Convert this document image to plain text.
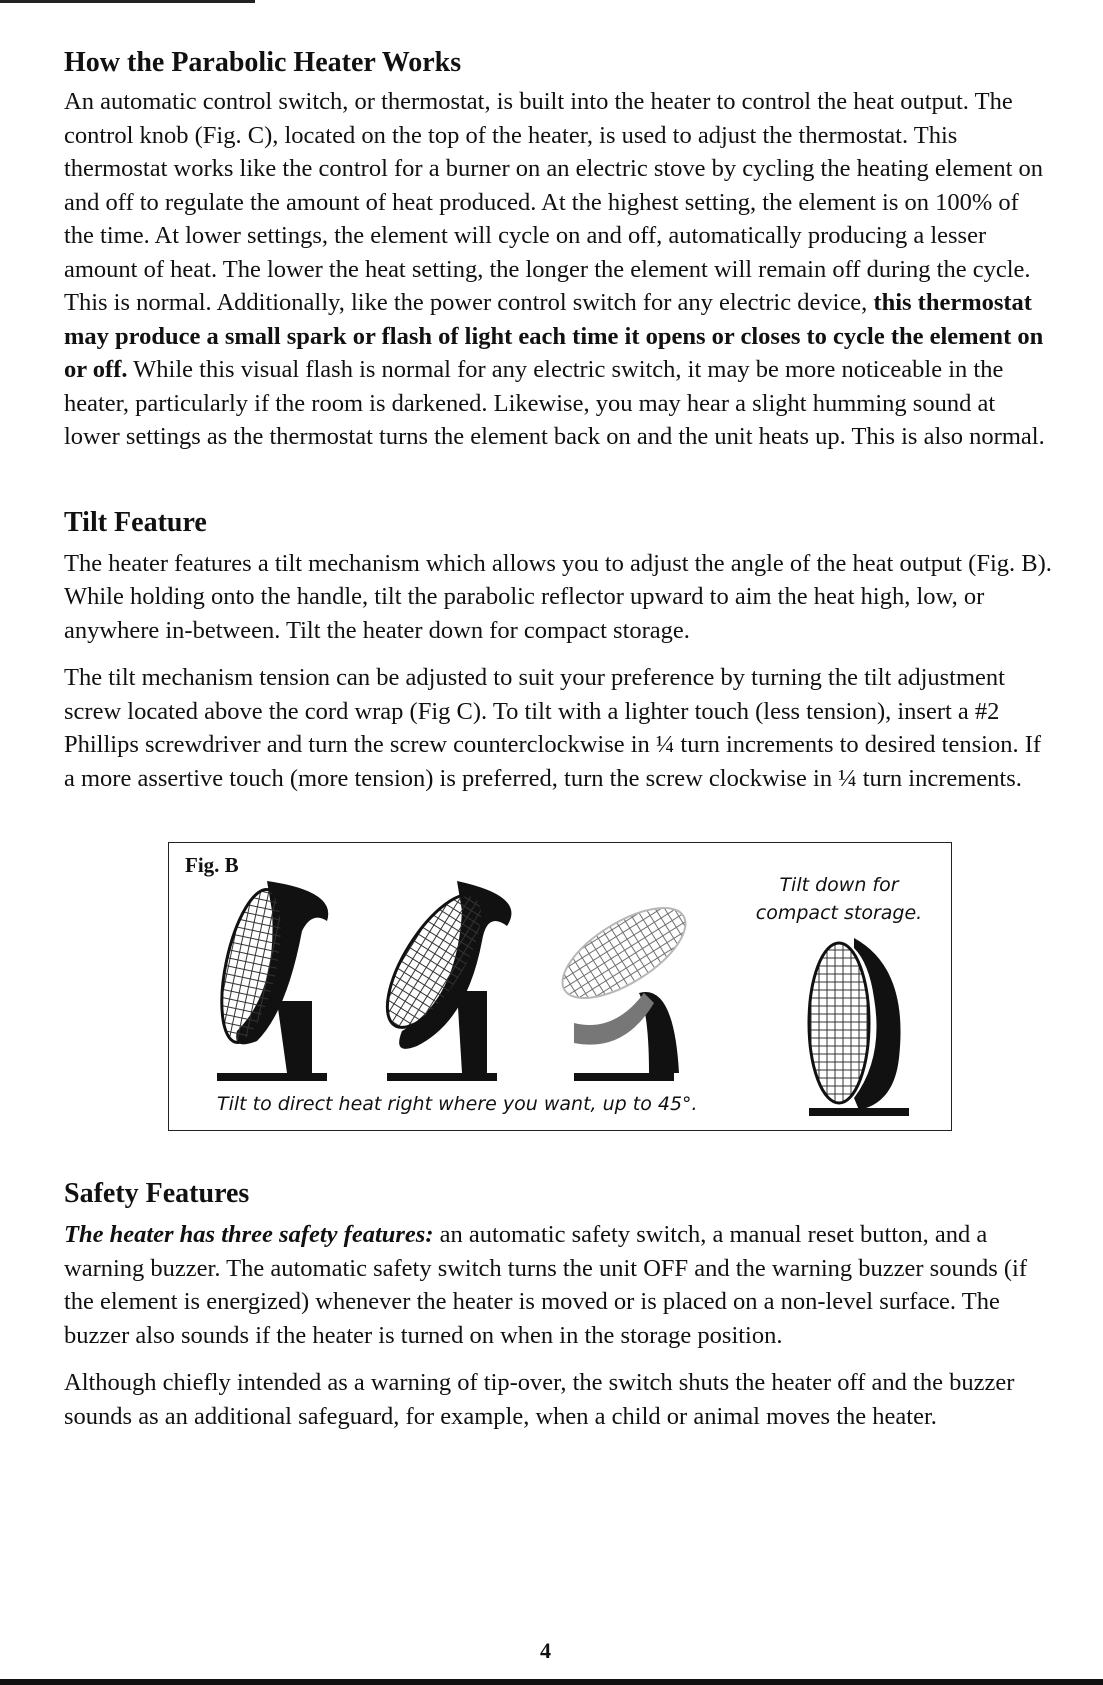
How the Parabolic Heater Works

An automatic control switch, or thermostat, is built into the heater to control the heat output. The control knob (Fig. C), located on the top of the heater, is used to adjust the thermostat. This thermostat works like the control for a burner on an electric stove by cycling the heating element on and off to regulate the amount of heat produced. At the highest setting, the element is on 100% of the time. At lower settings, the element will cycle on and off, automatically producing a lesser amount of heat. The lower the heat setting, the longer the element will remain off during the cycle. This is normal. Additionally, like the power control switch for any electric device, this thermostat may produce a small spark or flash of light each time it opens or closes to cycle the element on or off. While this visual flash is normal for any electric switch, it may be more noticeable in the heater, particularly if the room is darkened. Likewise, you may hear a slight humming sound at lower settings as the thermostat turns the element back on and the unit heats up. This is also normal.

Tilt Feature

The heater features a tilt mechanism which allows you to adjust the angle of the heat output (Fig. B). While holding onto the handle, tilt the parabolic reflector upward to aim the heat high, low, or anywhere in-between. Tilt the heater down for compact storage.

The tilt mechanism tension can be adjusted to suit your preference by turning the tilt adjustment screw located above the cord wrap (Fig C). To tilt with a lighter touch (less tension), insert a #2 Phillips screwdriver and turn the screw counterclockwise in ¼ turn increments to desired tension. If a more assertive touch (more tension) is preferred, turn the screw clockwise in ¼ turn increments.

Fig. B
Tilt down for compact storage.
Tilt to direct heat right where you want, up to 45°.
Safety Features

The heater has three safety features: an automatic safety switch, a manual reset button, and a warning buzzer. The automatic safety switch turns the unit OFF and the warning buzzer sounds (if the element is energized) whenever the heater is moved or is placed on a non-level surface. The buzzer also sounds if the heater is turned on when in the storage position.

Although chiefly intended as a warning of tip-over, the switch shuts the heater off and the buzzer sounds as an additional safeguard, for example, when a child or animal moves the heater.

4
